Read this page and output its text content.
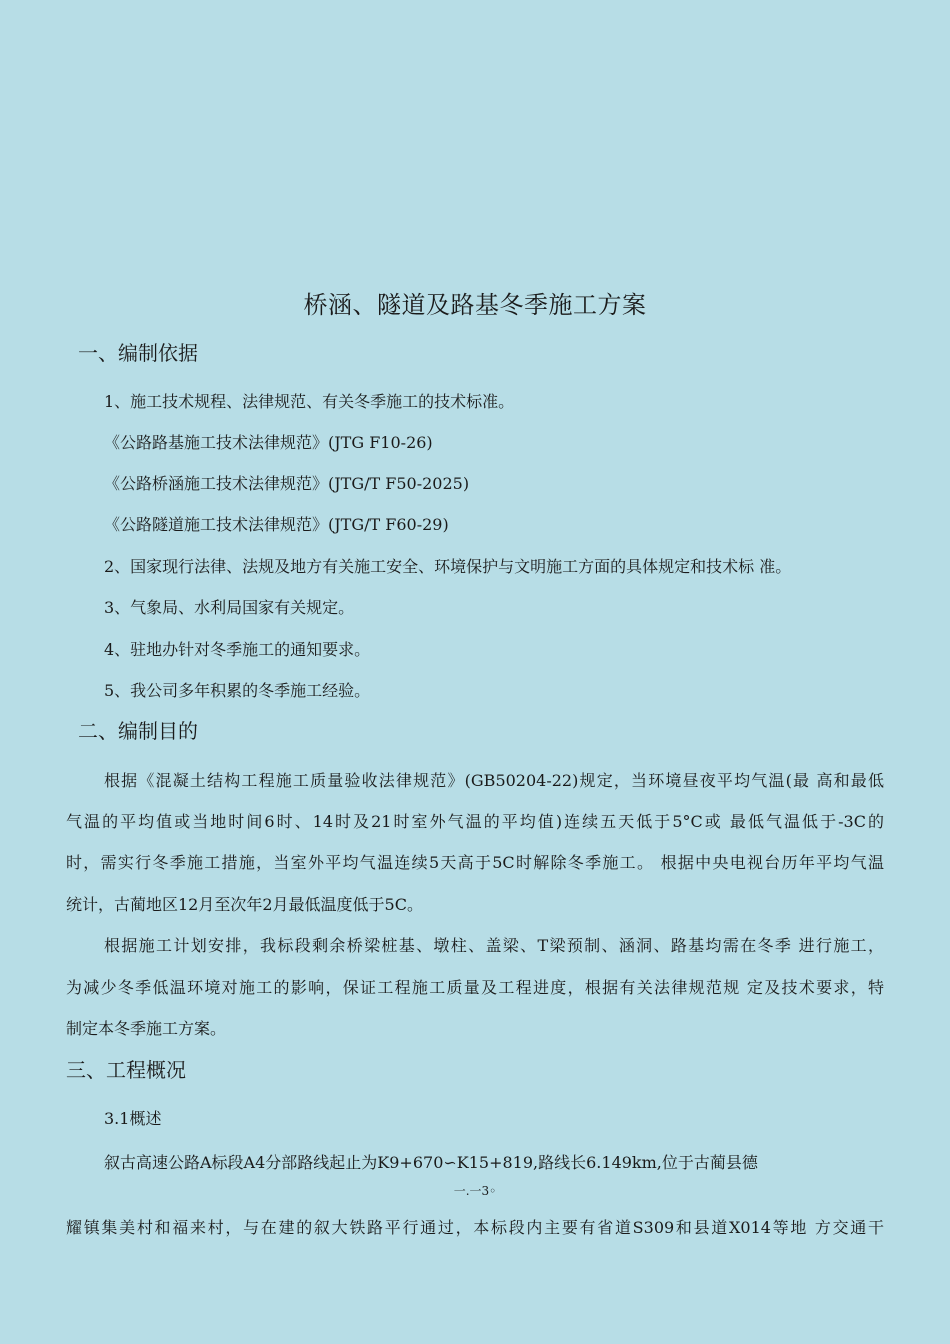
桥涵、隧道及路基冬季施工方案
一、编制依据
1、施工技术规程、法律规范、有关冬季施工的技术标准。
《公路路基施工技术法律规范》(JTG F10-26)
《公路桥涵施工技术法律规范》(JTG/T F50-2025)
《公路隧道施工技术法律规范》(JTG/T F60-29)
2、国家现行法律、法规及地方有关施工安全、环境保护与文明施工方面的具体规定和技术标 准。
3、气象局、水利局国家有关规定。
4、驻地办针对冬季施工的通知要求。
5、我公司多年积累的冬季施工经验。
二、编制目的
根据《混凝土结构工程施工质量验收法律规范》(GB50204-22)规定，当环境昼夜平均气温(最 高和最低
气温的平均值或当地时间6时、14时及21时室外气温的平均值)连续五天低于5°C或 最低气温低于-3C的
时，需实行冬季施工措施，当室外平均气温连续5天高于5C时解除冬季施工。 根据中央电视台历年平均气温
统计，古蔺地区12月至次年2月最低温度低于5C。
根据施工计划安排，我标段剩余桥梁桩基、墩柱、盖梁、T梁预制、涵洞、路基均需在冬季 进行施工，
为减少冬季低温环境对施工的影响，保证工程施工质量及工程进度，根据有关法律规范规 定及技术要求，特
制定本冬季施工方案。
三、工程概况
3.1概述
叙古高速公路A标段A4分部路线起止为K9+670∽K15+819,路线长6.149km,位于古蔺县德
一.一3◦
耀镇集美村和福来村，与在建的叙大铁路平行通过，本标段内主要有省道S309和县道X014等地 方交通干
